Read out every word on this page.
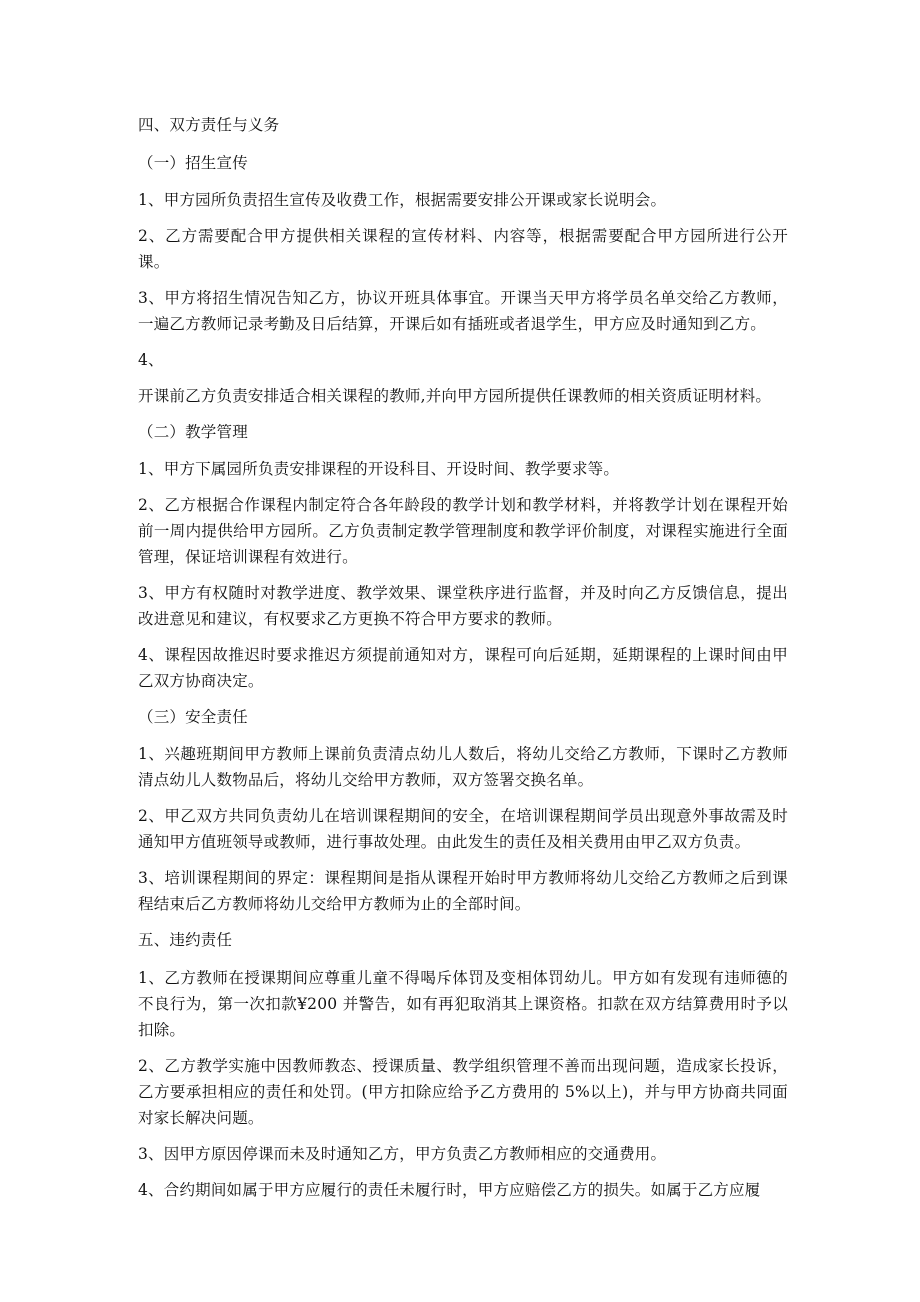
四、双方责任与义务

（一）招生宣传

1、甲方园所负责招生宣传及收费工作，根据需要安排公开课或家长说明会。

2、乙方需要配合甲方提供相关课程的宣传材料、内容等，根据需要配合甲方园所进行公开课。

3、甲方将招生情况告知乙方，协议开班具体事宜。开课当天甲方将学员名单交给乙方教师，一遍乙方教师记录考勤及日后结算，开课后如有插班或者退学生，甲方应及时通知到乙方。

4、

开课前乙方负责安排适合相关课程的教师,并向甲方园所提供任课教师的相关资质证明材料。

（二）教学管理

1、甲方下属园所负责安排课程的开设科目、开设时间、教学要求等。

2、乙方根据合作课程内制定符合各年龄段的教学计划和教学材料，并将教学计划在课程开始前一周内提供给甲方园所。乙方负责制定教学管理制度和教学评价制度，对课程实施进行全面管理，保证培训课程有效进行。

3、甲方有权随时对教学进度、教学效果、课堂秩序进行监督，并及时向乙方反馈信息，提出改进意见和建议，有权要求乙方更换不符合甲方要求的教师。

4、课程因故推迟时要求推迟方须提前通知对方，课程可向后延期，延期课程的上课时间由甲乙双方协商决定。

（三）安全责任

1、兴趣班期间甲方教师上课前负责清点幼儿人数后，将幼儿交给乙方教师，下课时乙方教师清点幼儿人数物品后，将幼儿交给甲方教师，双方签署交换名单。

2、甲乙双方共同负责幼儿在培训课程期间的安全，在培训课程期间学员出现意外事故需及时通知甲方值班领导或教师，进行事故处理。由此发生的责任及相关费用由甲乙双方负责。

3、培训课程期间的界定：课程期间是指从课程开始时甲方教师将幼儿交给乙方教师之后到课程结束后乙方教师将幼儿交给甲方教师为止的全部时间。

五、违约责任

1、乙方教师在授课期间应尊重儿童不得喝斥体罚及变相体罚幼儿。甲方如有发现有违师德的不良行为，第一次扣款¥200 并警告，如有再犯取消其上课资格。扣款在双方结算费用时予以扣除。

2、乙方教学实施中因教师教态、授课质量、教学组织管理不善而出现问题，造成家长投诉，乙方要承担相应的责任和处罚。(甲方扣除应给予乙方费用的 5%以上)，并与甲方协商共同面对家长解决问题。

3、因甲方原因停课而未及时通知乙方，甲方负责乙方教师相应的交通费用。

4、合约期间如属于甲方应履行的责任未履行时，甲方应赔偿乙方的损失。如属于乙方应履
